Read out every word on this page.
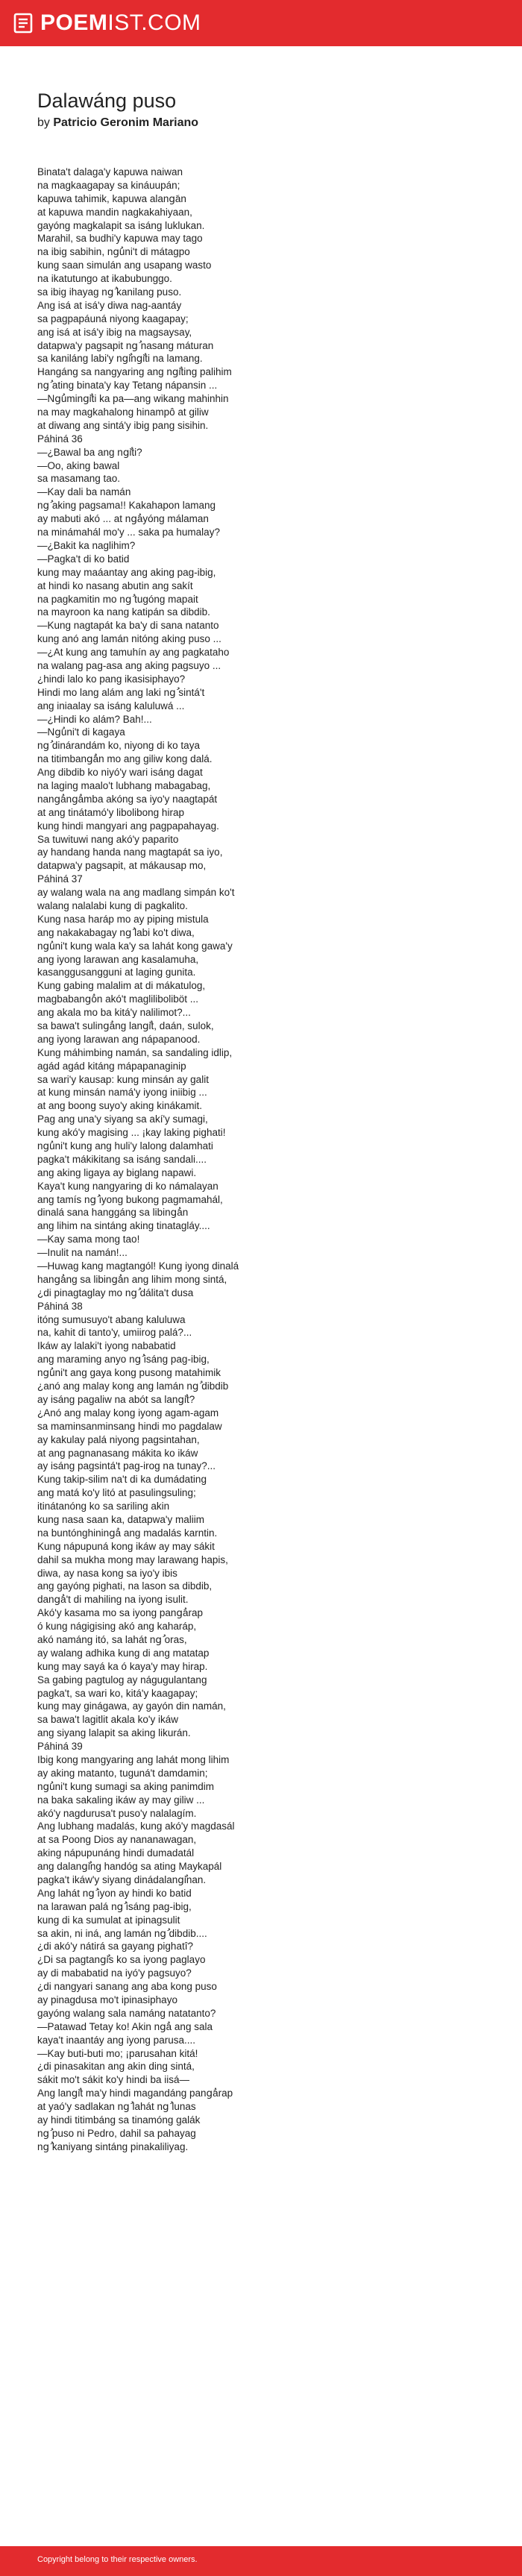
POEMIST.COM
Dalawáng puso
by Patricio Geronim Mariano
Binata't dalaga'y kapuwa naiwan
na magkaagapay sa kináuupán;
kapuwa tahimik, kapuwa alangَan
at kapuwa mandin nagkakahiyaan,
gayóng magkalapit sa isáng lukluk​an.
Marahil, sa budhi'y kapuwa may tago
na ibig sabihin, ngُuni't di mátagpo
kung saan simulán ang usapang wasto
na ikatutungo at ikabubunggo.
sa ibig ihayag ngُ kanilang puso.
Ang isá at isá'y diwa nag-aantáy
sa pagpapáuná niyong kaagapay;
ang isá at isá'y ibig na magsaysay,
datapwa'y pagsapit ngُ nasang máturan
sa kaniláng labi'y ngُingُiti na lamang.
Hangáng sa nangyaring ang ngُiting palihim
ngُ ating binata'y kay Tetang nápansin ...
—Ngُumingُiti ka pa—ang wikang mahinhin
na may magkahalong hinampô at giliw
at diwang ang sintá'y ibig pang sisihin.
Páhiná 36
—¿Bawal ba ang ngُiti?
—Oo, aking bawal
sa masamang tao.
—Kay dali ba namán
ngُ aking pagsama!! Kakahapon lamang
ay mabuti akó ... at ngُayóng málaman
na minámahál mo'y ... saka pa humalay?
—¿Bakit ka naglihim?
—Pagka't di ko batid
kung may maáantay ang aking pag-ibig,
at hindi ko nasang abutin ang sakít
na pagkamitin mo ngُ tugóng mapait
na mayroon ka nang katipán sa dibdib.
—Kung nagtapát ka ba'y di sana natanto
kung anó ang lamán nitóng aking puso ...
—¿At kung ang tamuhín ay ang pagkataho
na walang pag-asa ang aking pagsuyo ...
¿hindi lalo ko pang ikasisiphayo?
Hindi mo lang alám ang laki ngُ sintá't
ang iniaalay sa isáng kaluluwá ...
—¿Hindi ko alám? Bah!...
—Ngُuni't di kagaya
ngُ dinárandám ko, niyong di ko taya
na titimbangُán mo ang giliw kong dalá.
Ang dibdib ko niyó'y wari isáng dagat
na laging maalo't lubhang mabagabag,
nangُangُamba akóng sa iyo'y naagtapát
at ang tinátamó'y libolibong hirap
kung hindi mangyari ang pagpapahayag.
Sa tuwituwi nang akó'y paparito
ay handang handa nang magtapát sa iyo,
datapwa'y pagsapit, at mákausap mo,
Páhiná 37
ay walang wala na ang madlang simpán ko't
walang nalalabi kung di pagkalito.
Kung nasa haráp mo ay piping mistula
ang nakakabagay ngُ labi ko't diwa,
ngُuni't kung wala ka'y sa lahát kong gawa'y
ang iyong larawan ang kasalamuha,
kasanggusangguni at laging gunita.
Kung gabing malalim at di mákatulog,
magbabangُon akó't magliliboliböt ...
ang akala mo ba kitá'y nalilimot?...
sa bawa't sulingُang langُit, daán, sulok,
ang iyong larawan ang nápapanood.
Kung máhimbing namán, sa sandaling idlip,
agád agád kitáng mápapanaginip
sa wari'y kausap: kung minsán ay galit
at kung minsán namá'y iyong iniibig ...
at ang boong suyo'y aking kinákamit.
Pag ang una'y siyang sa akí'y sumagi,
kung akó'y magising ... ¡kay laking pighati!
ngُuni't kung ang huli'y lalong dalamhati
pagka't mákikitang sa isáng sandali....
ang aking ligaya ay biglang napawi.
Kaya't kung nangyaring di ko námalayan
ang tamís ngُ iyong bukong pagmamahál,
dinalá sana hanggáng sa libingُan
ang lihim na sintáng aking tinatagláy....
—Kay sama mong tao!
—Inulit na namán!...
—Huwag kang magtangól! Kung iyong dinalá
hangُang sa libingُan ang lihim mong sintá,
¿di pinagtaglay mo ngُ dálita't dusa
Páhiná 38
itóng sumusuyo't abang kaluluwa
na, kahit di tanto'y, umiirog palá?...
Ikáw ay lalaki't iyong nababatid
ang maraming anyo ngُ isáng pag-ibig,
ngُuni't ang gaya kong pusong matahimik
¿anó ang malay kong ang lamán ngُ dibdib
ay isáng pagaliw na abót sa langُit?
¿Anó ang malay kong iyong agam-agam
sa maminsanminsang hindi mo pagdalaw
ay kakulay palá niyong pagsintahan,
at ang pagnanasang mákita ko ikáw
ay isáng pagsintá't pag-irog na tunay?...
Kung takip-silim na't di ka dumádating
ang matá ko'y litó at pasulingsuling;
itinátanóng ko sa sariling akin
kung nasa saan ka, datapwa'y maliim
na buntónghiningُa ang madalás karntin.
Kung nápupuná kong ikáw ay may sákit
dahil sa mukha mong may larawang hapis,
diwa, ay nasa kong sa iyo'y ibis
ang gayóng pighati, na lason sa dibdib,
dangُa't di mahiling na iyong isulit.
Akó'y kasama mo sa iyong pangُarap
ó kung nágigising akó ang kaharáp,
akó namáng itó, sa lahát ngُ oras,
ay walang adhika kung di ang matatap
kung may sayá ka ó kaya'y may hirap.
Sa gabing pagtulog ay nágugulantang
pagka't, sa wari ko, kitá'y kaagapay;
kung may ginágawa, ay gayón din namán,
sa bawa't lagitlit akala ko'y ikáw
ang siyang lalapit sa aking likurán.
Páhiná 39
Ibig kong mangyaring ang lahát mong lihim
ay aking matanto, tuguná't damdamin;
ngُuni't kung sumagi sa aking panimdim
na baka sakaling ikáw ay may giliw ...
akó'y nagdurusa't puso'y nalalagím.
Ang lubhang madalás, kung akó'y magdasál
at sa Poong Dios ay nananawagan,
aking nápupunáng hindi dumadatál
ang dalangُ​ing handóg sa ating Maykapál
pagka't ikáw'y siyang dinádalangُinan.
Ang lahát ngُ iyon ay hindi ko batid
na larawan palá ngُ isáng pag-ibig,
kung di ka sumulat at ipinagsulit
sa akin, ni iná, ang lamán ngُ dibdib....
¿di akó'y nátirá sa gayang pighatî?
¿Di sa pagtangُis ko sa iyong paglayo
ay di mababatid na iyó'y pagsuyo?
¿di nangyari sanang ang aba kong puso
ay pinagdusa mo't ipinasiphayo
gayóng walang sala namáng natatanto?
—Patawad Tetay ko! Akin ngُa ang sala
kaya't inaantáy ang iyong parusa....
—Kay buti-buti mo; ¡parusahan kitá!
¿di pinasakitan ang akin ding sintá,
sákit mo't sákit ko'y hindi ba iisá—
Ang langُit ma'y hindi magandáng pangُarap
at yaó'y sadlakan ngُ lahát ngُ lunas
ay hindi titimbáng sa tinamóng galák
ngُ puso ni Pedro, dahil sa pahayag
ngُ kaniyang sintáng pinakaliliyag.
Copyright belong to their respective owners.
